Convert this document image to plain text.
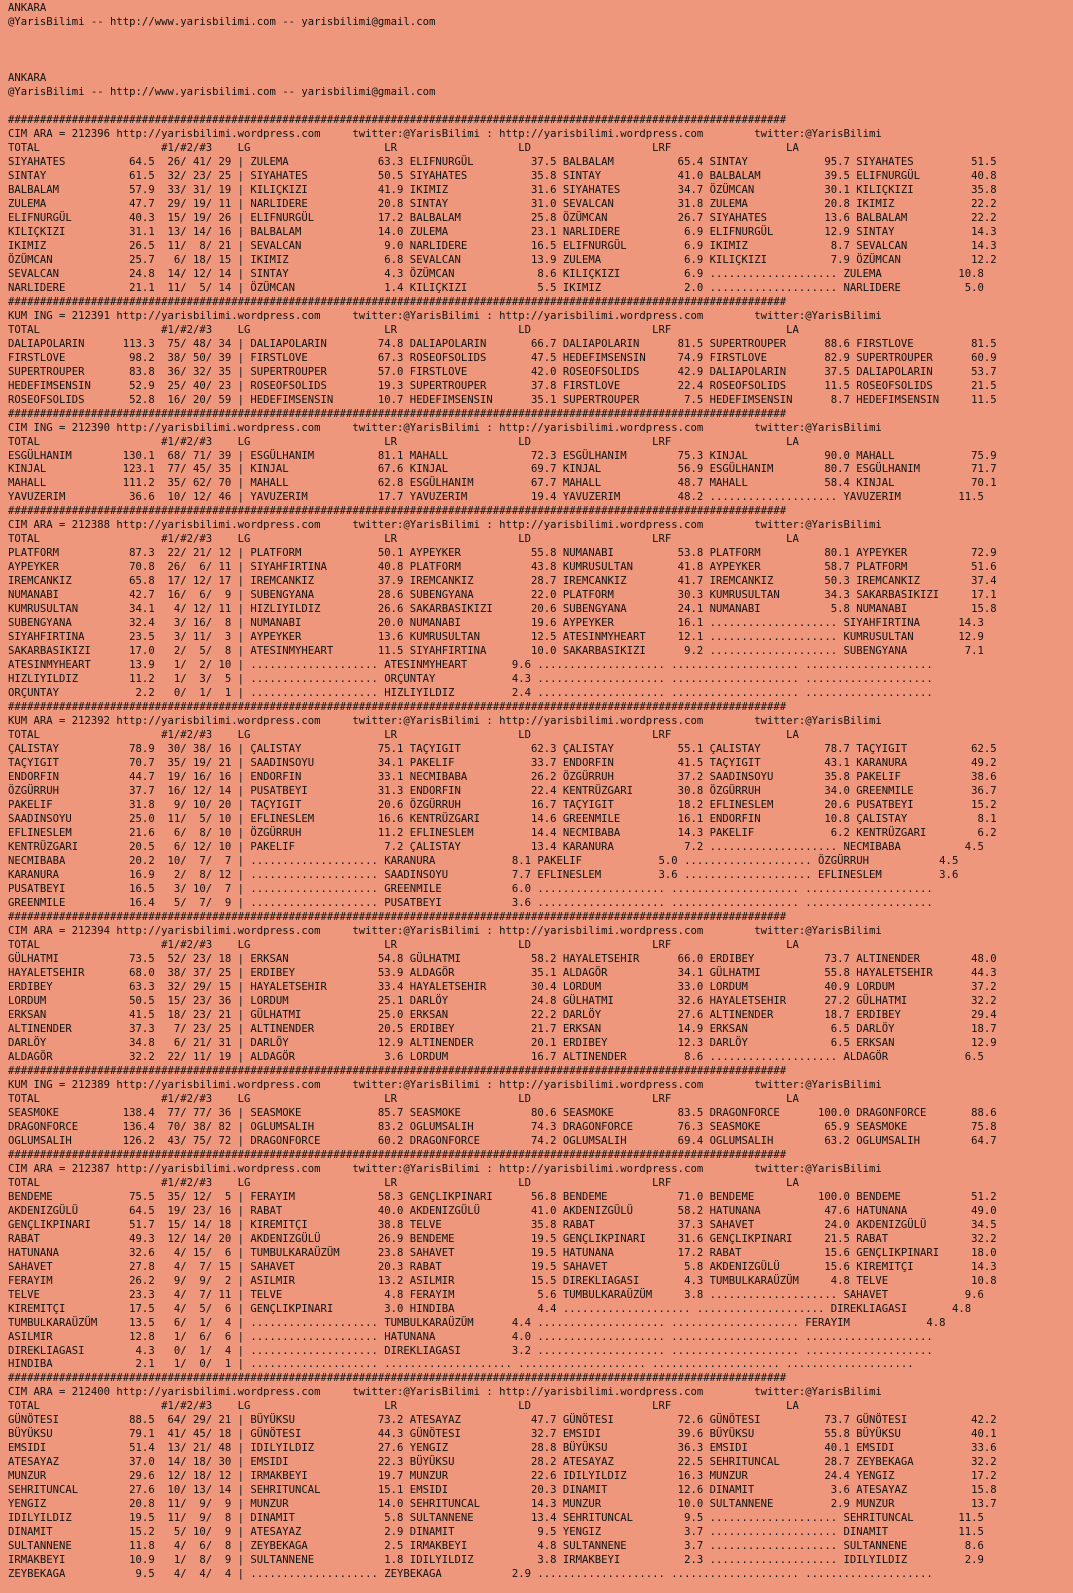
ANKARA
@YarisBilimi -- http://www.yarisbilimi.com -- yarisbilimi@gmail.com

ANKARA
@YarisBilimi -- http://www.yarisbilimi.com -- yarisbilimi@gmail.com

##########################################################################################################################
CIM ARA = 212396 http://yarisbilimi.wordpress.com     twitter:@YarisBilimi : http://yarisbilimi.wordpress.com        twitter:@YarisBilimi
TOTAL                   #1/#2/#3    LG                     LR                   LD                   LRF                  LA
SIYAHATES          64.5  26/ 41/ 29 | ZULEMA              63.3 ELIFNURGÜL         37.5 BALBALAM          65.4 SINTAY            95.7 SIYAHATES         51.5
SINTAY             61.5  32/ 23/ 25 | SIYAHATES           50.5 SIYAHATES          35.8 SINTAY            41.0 BALBALAM          39.5 ELIFNURGÜL        40.8
BALBALAM           57.9  33/ 31/ 19 | KILIÇKIZI           41.9 IKIMIZ             31.6 SIYAHATES         34.7 ÖZÜMCAN           30.1 KILIÇKIZI         35.8
ZULEMA             47.7  29/ 19/ 11 | NARLIDERE           20.8 SINTAY             31.0 SEVALCAN          31.8 ZULEMA            20.8 IKIMIZ            22.2
ELIFNURGÜL         40.3  15/ 19/ 26 | ELIFNURGÜL          17.2 BALBALAM           25.8 ÖZÜMCAN           26.7 SIYAHATES         13.6 BALBALAM          22.2
KILIÇKIZI          31.1  13/ 14/ 16 | BALBALAM            14.0 ZULEMA             23.1 NARLIDERE          6.9 ELIFNURGÜL        12.9 SINTAY            14.3
IKIMIZ             26.5  11/  8/ 21 | SEVALCAN             9.0 NARLIDERE          16.5 ELIFNURGÜL         6.9 IKIMIZ             8.7 SEVALCAN          14.3
ÖZÜMCAN            25.7   6/ 18/ 15 | IKIMIZ               6.8 SEVALCAN           13.9 ZULEMA             6.9 KILIÇKIZI          7.9 ÖZÜMCAN           12.2
SEVALCAN           24.8  14/ 12/ 14 | SINTAY               4.3 ÖZÜMCAN             8.6 KILIÇKIZI          6.9 .................... ZULEMA            10.8
NARLIDERE          21.1  11/  5/ 14 | ÖZÜMCAN              1.4 KILIÇKIZI           5.5 IKIMIZ             2.0 .................... NARLIDERE          5.0
##########################################################################################################################
KUM ING = 212391 http://yarisbilimi.wordpress.com     twitter:@YarisBilimi : http://yarisbilimi.wordpress.com        twitter:@YarisBilimi
TOTAL                   #1/#2/#3    LG                     LR                   LD                   LRF                  LA
DALIAPOLARIN      113.3  75/ 48/ 34 | DALIAPOLARIN        74.8 DALIAPOLARIN       66.7 DALIAPOLARIN      81.5 SUPERTROUPER      88.6 FIRSTLOVE         81.5
FIRSTLOVE          98.2  38/ 50/ 39 | FIRSTLOVE           67.3 ROSEOFSOLIDS       47.5 HEDEFIMSENSIN     74.9 FIRSTLOVE         82.9 SUPERTROUPER      60.9
SUPERTROUPER       83.8  36/ 32/ 35 | SUPERTROUPER        57.0 FIRSTLOVE          42.0 ROSEOFSOLIDS      42.9 DALIAPOLARIN      37.5 DALIAPOLARIN      53.7
HEDEFIMSENSIN      52.9  25/ 40/ 23 | ROSEOFSOLIDS        19.3 SUPERTROUPER       37.8 FIRSTLOVE         22.4 ROSEOFSOLIDS      11.5 ROSEOFSOLIDS      21.5
ROSEOFSOLIDS       52.8  16/ 20/ 59 | HEDEFIMSENSIN       10.7 HEDEFIMSENSIN      35.1 SUPERTROUPER       7.5 HEDEFIMSENSIN      8.7 HEDEFIMSENSIN     11.5
##########################################################################################################################
CIM ING = 212390 http://yarisbilimi.wordpress.com     twitter:@YarisBilimi : http://yarisbilimi.wordpress.com        twitter:@YarisBilimi
TOTAL                   #1/#2/#3    LG                     LR                   LD                   LRF                  LA
ESGÜLHANIM        130.1  68/ 71/ 39 | ESGÜLHANIM          81.1 MAHALL             72.3 ESGÜLHANIM        75.3 KINJAL            90.0 MAHALL            75.9
KINJAL            123.1  77/ 45/ 35 | KINJAL              67.6 KINJAL             69.7 KINJAL            56.9 ESGÜLHANIM        80.7 ESGÜLHANIM        71.7
MAHALL            111.2  35/ 62/ 70 | MAHALL              62.8 ESGÜLHANIM         67.7 MAHALL            48.7 MAHALL            58.4 KINJAL            70.1
YAVUZERIM          36.6  10/ 12/ 46 | YAVUZERIM           17.7 YAVUZERIM          19.4 YAVUZERIM         48.2 .................... YAVUZERIM         11.5
##########################################################################################################################
CIM ARA = 212388 http://yarisbilimi.wordpress.com     twitter:@YarisBilimi : http://yarisbilimi.wordpress.com        twitter:@YarisBilimi
TOTAL                   #1/#2/#3    LG                     LR                   LD                   LRF                  LA
PLATFORM           87.3  22/ 21/ 12 | PLATFORM            50.1 AYPEYKER           55.8 NUMANABI          53.8 PLATFORM          80.1 AYPEYKER          72.9
AYPEYKER           70.8  26/  6/ 11 | SIYAHFIRTINA        40.8 PLATFORM           43.8 KUMRUSULTAN       41.8 AYPEYKER          58.7 PLATFORM          51.6
IREMCANKIZ         65.8  17/ 12/ 17 | IREMCANKIZ          37.9 IREMCANKIZ         28.7 IREMCANKIZ        41.7 IREMCANKIZ        50.3 IREMCANKIZ        37.4
NUMANABI           42.7  16/  6/  9 | SUBENGYANA          28.6 SUBENGYANA         22.0 PLATFORM          30.3 KUMRUSULTAN       34.3 SAKARBASIKIZI     17.1
KUMRUSULTAN        34.1   4/ 12/ 11 | HIZLIYILDIZ         26.6 SAKARBASIKIZI      20.6 SUBENGYANA        24.1 NUMANABI           5.8 NUMANABI          15.8
SUBENGYANA         32.4   3/ 16/  8 | NUMANABI            20.0 NUMANABI           19.6 AYPEYKER          16.1 .................... SIYAHFIRTINA      14.3
SIYAHFIRTINA       23.5   3/ 11/  3 | AYPEYKER            13.6 KUMRUSULTAN        12.5 ATESINMYHEART     12.1 .................... KUMRUSULTAN       12.9
SAKARBASIKIZI      17.0   2/  5/  8 | ATESINMYHEART       11.5 SIYAHFIRTINA       10.0 SAKARBASIKIZI      9.2 .................... SUBENGYANA         7.1
ATESINMYHEART      13.9   1/  2/ 10 | .................... ATESINMYHEART       9.6 .................... .................... ....................
HIZLIYILDIZ        11.2   1/  3/  5 | .................... ORÇUNTAY            4.3 .................... .................... ....................
ORÇUNTAY            2.2   0/  1/  1 | .................... HIZLIYILDIZ         2.4 .................... .................... ....................
##########################################################################################################################
KUM ARA = 212392 http://yarisbilimi.wordpress.com     twitter:@YarisBilimi : http://yarisbilimi.wordpress.com        twitter:@YarisBilimi
TOTAL                   #1/#2/#3    LG                     LR                   LD                   LRF                  LA
ÇALISTAY           78.9  30/ 38/ 16 | ÇALISTAY            75.1 TAÇYIGIT           62.3 ÇALISTAY          55.1 ÇALISTAY          78.7 TAÇYIGIT          62.5
TAÇYIGIT           70.7  35/ 19/ 21 | SAADINSOYU          34.1 PAKELIF            33.7 ENDORFIN          41.5 TAÇYIGIT          43.1 KARANURA          49.2
ENDORFIN           44.7  19/ 16/ 16 | ENDORFIN            33.1 NECMIBABA          26.2 ÖZGÜRRUH          37.2 SAADINSOYU        35.8 PAKELIF           38.6
ÖZGÜRRUH           37.7  16/ 12/ 14 | PUSATBEYI           31.3 ENDORFIN           22.4 KENTRÜZGARI       30.8 ÖZGÜRRUH          34.0 GREENMILE         36.7
PAKELIF            31.8   9/ 10/ 20 | TAÇYIGIT            20.6 ÖZGÜRRUH           16.7 TAÇYIGIT          18.2 EFLINESLEM        20.6 PUSATBEYI         15.2
SAADINSOYU         25.0  11/  5/ 10 | EFLINESLEM          16.6 KENTRÜZGARI        14.6 GREENMILE         16.1 ENDORFIN          10.8 ÇALISTAY           8.1
EFLINESLEM         21.6   6/  8/ 10 | ÖZGÜRRUH            11.2 EFLINESLEM         14.4 NECMIBABA         14.3 PAKELIF            6.2 KENTRÜZGARI        6.2
KENTRÜZGARI        20.5   6/ 12/ 10 | PAKELIF              7.2 ÇALISTAY           13.4 KARANURA           7.2 .................... NECMIBABA          4.5
NECMIBABA          20.2  10/  7/  7 | .................... KARANURA            8.1 PAKELIF            5.0 .................... ÖZGÜRRUH           4.5
KARANURA           16.9   2/  8/ 12 | .................... SAADINSOYU          7.7 EFLINESLEM         3.6 .................... EFLINESLEM         3.6
PUSATBEYI          16.5   3/ 10/  7 | .................... GREENMILE           6.0 .................... .................... ....................
GREENMILE          16.4   5/  7/  9 | .................... PUSATBEYI           3.6 .................... .................... ....................
##########################################################################################################################
CIM ARA = 212394 http://yarisbilimi.wordpress.com     twitter:@YarisBilimi : http://yarisbilimi.wordpress.com        twitter:@YarisBilimi
TOTAL                   #1/#2/#3    LG                     LR                   LD                   LRF                  LA
GÜLHATMI           73.5  52/ 23/ 18 | ERKSAN              54.8 GÜLHATMI           58.2 HAYALETSEHIR      66.0 ERDIBEY           73.7 ALTINENDER        48.0
HAYALETSEHIR       68.0  38/ 37/ 25 | ERDIBEY             53.9 ALDAGÖR            35.1 ALDAGÖR           34.1 GÜLHATMI          55.8 HAYALETSEHIR      44.3
ERDIBEY            63.3  32/ 29/ 15 | HAYALETSEHIR        33.4 HAYALETSEHIR       30.4 LORDUM            33.0 LORDUM            40.9 LORDUM            37.2
LORDUM             50.5  15/ 23/ 36 | LORDUM              25.1 DARLÖY             24.8 GÜLHATMI          32.6 HAYALETSEHIR      27.2 GÜLHATMI          32.2
ERKSAN             41.5  18/ 23/ 21 | GÜLHATMI            25.0 ERKSAN             22.2 DARLÖY            27.6 ALTINENDER        18.7 ERDIBEY           29.4
ALTINENDER         37.3   7/ 23/ 25 | ALTINENDER          20.5 ERDIBEY            21.7 ERKSAN            14.9 ERKSAN             6.5 DARLÖY            18.7
DARLÖY             34.8   6/ 21/ 31 | DARLÖY              12.9 ALTINENDER         20.1 ERDIBEY           12.3 DARLÖY             6.5 ERKSAN            12.9
ALDAGÖR            32.2  22/ 11/ 19 | ALDAGÖR              3.6 LORDUM             16.7 ALTINENDER         8.6 .................... ALDAGÖR            6.5
##########################################################################################################################
KUM ING = 212389 http://yarisbilimi.wordpress.com     twitter:@YarisBilimi : http://yarisbilimi.wordpress.com        twitter:@YarisBilimi
TOTAL                   #1/#2/#3    LG                     LR                   LD                   LRF                  LA
SEASMOKE          138.4  77/ 77/ 36 | SEASMOKE            85.7 SEASMOKE           80.6 SEASMOKE          83.5 DRAGONFORCE      100.0 DRAGONFORCE       88.6
DRAGONFORCE       136.4  70/ 38/ 82 | OGLUMSALIH          83.2 OGLUMSALIH         74.3 DRAGONFORCE       76.3 SEASMOKE          65.9 SEASMOKE          75.8
OGLUMSALIH        126.2  43/ 75/ 72 | DRAGONFORCE         60.2 DRAGONFORCE        74.2 OGLUMSALIH        69.4 OGLUMSALIH        63.2 OGLUMSALIH        64.7
##########################################################################################################################
CIM ARA = 212387 http://yarisbilimi.wordpress.com     twitter:@YarisBilimi : http://yarisbilimi.wordpress.com        twitter:@YarisBilimi
TOTAL                   #1/#2/#3    LG                     LR                   LD                   LRF                  LA
BENDEME            75.5  35/ 12/  5 | FERAYIM             58.3 GENÇLIKPINARI      56.8 BENDEME           71.0 BENDEME          100.0 BENDEME           51.2
AKDENIZGÜLÜ        64.5  19/ 23/ 16 | RABAT               40.0 AKDENIZGÜLÜ        41.0 AKDENIZGÜLÜ       58.2 HATUNANA          47.6 HATUNANA          49.0
GENÇLIKPINARI      51.7  15/ 14/ 18 | KIREMITÇI           38.8 TELVE              35.8 RABAT             37.3 SAHAVET           24.0 AKDENIZGÜLÜ       34.5
RABAT              49.3  12/ 14/ 20 | AKDENIZGÜLÜ         26.9 BENDEME            19.5 GENÇLIKPINARI     31.6 GENÇLIKPINARI     21.5 RABAT             32.2
HATUNANA           32.6   4/ 15/  6 | TUMBULKARAÜZÜM      23.8 SAHAVET            19.5 HATUNANA          17.2 RABAT             15.6 GENÇLIKPINARI     18.0
SAHAVET            27.8   4/  7/ 15 | SAHAVET             20.3 RABAT              19.5 SAHAVET            5.8 AKDENIZGÜLÜ       15.6 KIREMITÇI         14.3
FERAYIM            26.2   9/  9/  2 | ASILMIR             13.2 ASILMIR            15.5 DIREKLIAGASI       4.3 TUMBULKARAÜZÜM     4.8 TELVE             10.8
TELVE              23.3   4/  7/ 11 | TELVE                4.8 FERAYIM             5.6 TUMBULKARAÜZÜM     3.8 .................... SAHAVET            9.6
KIREMITÇI          17.5   4/  5/  6 | GENÇLIKPINARI        3.0 HINDIBA             4.4 .................... .................... DIREKLIAGASI       4.8
TUMBULKARAÜZÜM     13.5   6/  1/  4 | .................... TUMBULKARAÜZÜM      4.4 .................... .................... FERAYIM            4.8
ASILMIR            12.8   1/  6/  6 | .................... HATUNANA            4.0 .................... .................... ....................
DIREKLIAGASI        4.3   0/  1/  4 | .................... DIREKLIAGASI        3.2 .................... .................... ....................
HINDIBA             2.1   1/  0/  1 | .................... .................... .................... .................... ....................
##########################################################################################################################
CIM ARA = 212400 http://yarisbilimi.wordpress.com     twitter:@YarisBilimi : http://yarisbilimi.wordpress.com        twitter:@YarisBilimi
TOTAL                   #1/#2/#3    LG                     LR                   LD                   LRF                  LA
GÜNÖTESI           88.5  64/ 29/ 21 | BÜYÜKSU             73.2 ATESAYAZ           47.7 GÜNÖTESI          72.6 GÜNÖTESI          73.7 GÜNÖTESI          42.2
BÜYÜKSU            79.1  41/ 45/ 18 | GÜNÖTESI            44.3 GÜNÖTESI           32.7 EMSIDI            39.6 BÜYÜKSU           55.8 BÜYÜKSU           40.1
EMSIDI             51.4  13/ 21/ 48 | IDILYILDIZ          27.6 YENGIZ             28.8 BÜYÜKSU           36.3 EMSIDI            40.1 EMSIDI            33.6
ATESAYAZ           37.0  14/ 18/ 30 | EMSIDI              22.3 BÜYÜKSU            28.2 ATESAYAZ          22.5 SEHRITUNCAL       28.7 ZEYBEKAGA         32.2
MUNZUR             29.6  12/ 18/ 12 | IRMAKBEYI           19.7 MUNZUR             22.6 IDILYILDIZ        16.3 MUNZUR            24.4 YENGIZ            17.2
SEHRITUNCAL        27.6  10/ 13/ 14 | SEHRITUNCAL         15.1 EMSIDI             20.3 DINAMIT           12.6 DINAMIT            3.6 ATESAYAZ          15.8
YENGIZ             20.8  11/  9/  9 | MUNZUR              14.0 SEHRITUNCAL        14.3 MUNZUR            10.0 SULTANNENE         2.9 MUNZUR            13.7
IDILYILDIZ         19.5  11/  9/  8 | DINAMIT              5.8 SULTANNENE         13.4 SEHRITUNCAL        9.5 .................... SEHRITUNCAL       11.5
DINAMIT            15.2   5/ 10/  9 | ATESAYAZ             2.9 DINAMIT             9.5 YENGIZ             3.7 .................... DINAMIT           11.5
SULTANNENE         11.8   4/  6/  8 | ZEYBEKAGA            2.5 IRMAKBEYI           4.8 SULTANNENE         3.7 .................... SULTANNENE         8.6
IRMAKBEYI          10.9   1/  8/  9 | SULTANNENE           1.8 IDILYILDIZ          3.8 IRMAKBEYI          2.3 .................... IDILYILDIZ         2.9
ZEYBEKAGA           9.5   4/  4/  4 | .................... ZEYBEKAGA           2.9 .................... .................... ....................
